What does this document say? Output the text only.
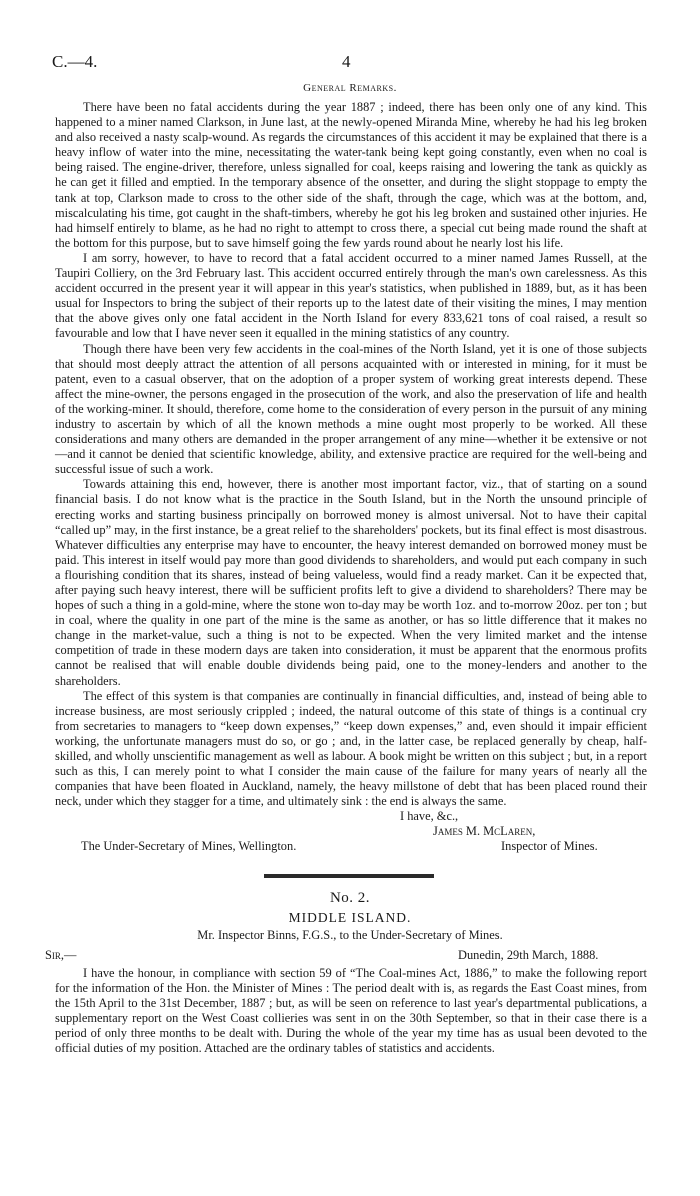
C.—4.	4
General Remarks.

There have been no fatal accidents during the year 1887 ; indeed, there has been only one of any kind. This happened to a miner named Clarkson, in June last, at the newly-opened Miranda Mine, whereby he had his leg broken and also received a nasty scalp-wound. As regards the circumstances of this accident it may be explained that there is a heavy inflow of water into the mine, necessitating the water-tank being kept going constantly, even when no coal is being raised. The engine-driver, therefore, unless signalled for coal, keeps raising and lowering the tank as quickly as he can get it filled and emptied. In the temporary absence of the onsetter, and during the slight stoppage to empty the tank at top, Clarkson made to cross to the other side of the shaft, through the cage, which was at the bottom, and, miscalculating his time, got caught in the shaft-timbers, whereby he got his leg broken and sustained other injuries. He had himself entirely to blame, as he had no right to attempt to cross there, a special cut being made round the shaft at the bottom for this purpose, but to save himself going the few yards round about he nearly lost his life.

I am sorry, however, to have to record that a fatal accident occurred to a miner named James Russell, at the Taupiri Colliery, on the 3rd February last. This accident occurred entirely through the man's own carelessness. As this accident occurred in the present year it will appear in this year's statistics, when published in 1889, but, as it has been usual for Inspectors to bring the subject of their reports up to the latest date of their visiting the mines, I may mention that the above gives only one fatal accident in the North Island for every 833,621 tons of coal raised, a result so favourable and low that I have never seen it equalled in the mining statistics of any country.

Though there have been very few accidents in the coal-mines of the North Island, yet it is one of those subjects that should most deeply attract the attention of all persons acquainted with or interested in mining, for it must be patent, even to a casual observer, that on the adoption of a proper system of working great interests depend. These affect the mine-owner, the persons engaged in the prosecution of the work, and also the preservation of life and health of the working-miner. It should, therefore, come home to the consideration of every person in the pursuit of any mining industry to ascertain by which of all the known methods a mine ought most properly to be worked. All these considerations and many others are demanded in the proper arrangement of any mine—whether it be extensive or not—and it cannot be denied that scientific knowledge, ability, and extensive practice are required for the well-being and successful issue of such a work.

Towards attaining this end, however, there is another most important factor, viz., that of starting on a sound financial basis. I do not know what is the practice in the South Island, but in the North the unsound principle of erecting works and starting business principally on borrowed money is almost universal. Not to have their capital “called up” may, in the first instance, be a great relief to the shareholders' pockets, but its final effect is most disastrous. Whatever difficulties any enterprise may have to encounter, the heavy interest demanded on borrowed money must be paid. This interest in itself would pay more than good dividends to shareholders, and would put each company in such a flourishing condition that its shares, instead of being valueless, would find a ready market. Can it be expected that, after paying such heavy interest, there will be sufficient profits left to give a dividend to shareholders? There may be hopes of such a thing in a gold-mine, where the stone won to-day may be worth 1oz. and to-morrow 20oz. per ton ; but in coal, where the quality in one part of the mine is the same as another, or has so little difference that it makes no change in the market-value, such a thing is not to be expected. When the very limited market and the intense competition of trade in these modern days are taken into consideration, it must be apparent that the enormous profits cannot be realised that will enable double dividends being paid, one to the money-lenders and another to the shareholders.

The effect of this system is that companies are continually in financial difficulties, and, instead of being able to increase business, are most seriously crippled ; indeed, the natural outcome of this state of things is a continual cry from secretaries to managers to “keep down expenses,” “keep down expenses,” and, even should it impair efficient working, the unfortunate managers must do so, or go ; and, in the latter case, be replaced generally by cheap, half-skilled, and wholly unscientific management as well as labour. A book might be written on this subject ; but, in a report such as this, I can merely point to what I consider the main cause of the failure for many years of nearly all the companies that have been floated in Auckland, namely, the heavy millstone of debt that has been placed round their neck, under which they stagger for a time, and ultimately sink : the end is always the same.

I have, &c.,
James M. McLaren,
The Under-Secretary of Mines, Wellington.	Inspector of Mines.
No. 2.
MIDDLE ISLAND.
Mr. Inspector Binns, F.G.S., to the Under-Secretary of Mines.
Sir,—	Dunedin, 29th March, 1888.

I have the honour, in compliance with section 59 of “The Coal-mines Act, 1886,” to make the following report for the information of the Hon. the Minister of Mines : The period dealt with is, as regards the East Coast mines, from the 15th April to the 31st December, 1887 ; but, as will be seen on reference to last year's departmental publications, a supplementary report on the West Coast collieries was sent in on the 30th September, so that in their case there is a period of only three months to be dealt with. During the whole of the year my time has as usual been devoted to the official duties of my position. Attached are the ordinary tables of statistics and accidents.
